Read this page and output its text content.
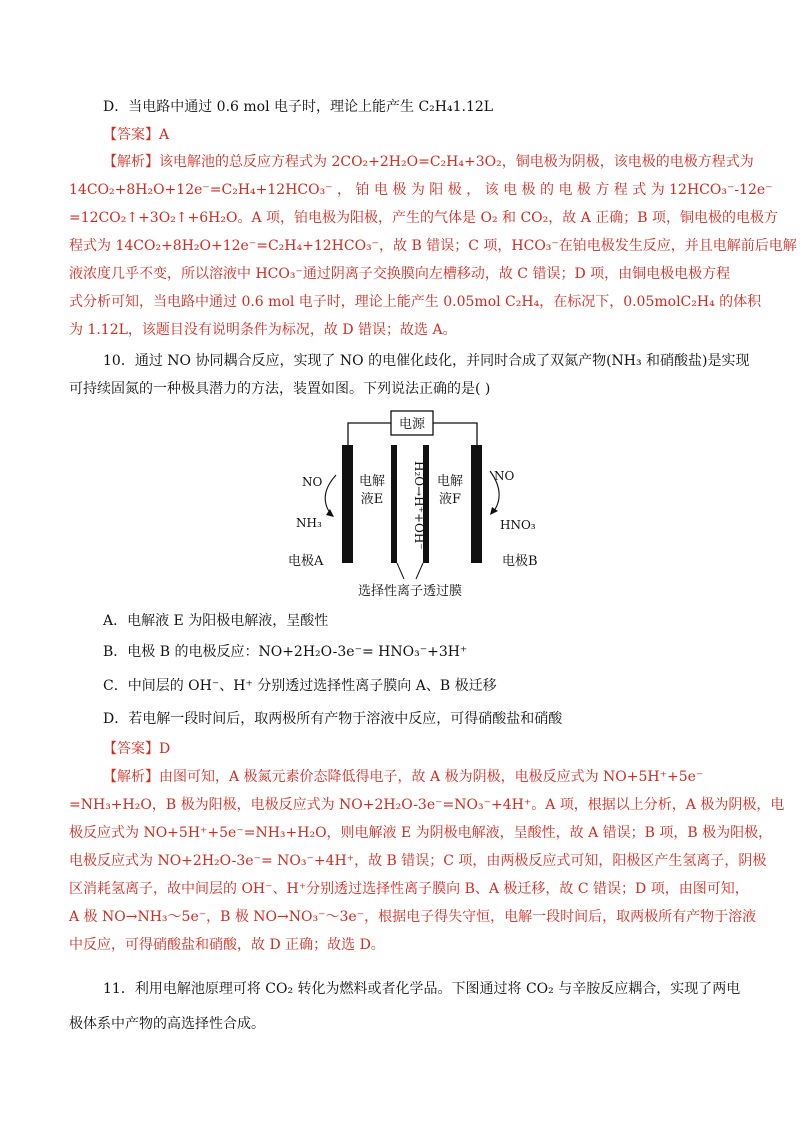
D．当电路中通过 0.6 mol 电子时，理论上能产生 C₂H₄1.12L
【答案】A
【解析】该电解池的总反应方程式为 2CO₂+2H₂O=C₂H₄+3O₂，铜电极为阴极，该电极的电极方程式为
14CO₂+8H₂O+12e⁻=C₂H₄+12HCO₃⁻ ， 铂 电 极 为 阳 极 ， 该 电 极 的 电 极 方 程 式 为 12HCO₃⁻-12e⁻
=12CO₂↑+3O₂↑+6H₂O。A 项，铂电极为阳极，产生的气体是 O₂ 和 CO₂，故 A 正确；B 项，铜电极的电极方
程式为 14CO₂+8H₂O+12e⁻=C₂H₄+12HCO₃⁻，故 B 错误；C 项，HCO₃⁻在铂电极发生反应，并且电解前后电解
液浓度几乎不变，所以溶液中 HCO₃⁻通过阴离子交换膜向左槽移动，故 C 错误；D 项，由铜电极电极方程
式分析可知，当电路中通过 0.6 mol 电子时，理论上能产生 0.05mol C₂H₄，在标况下，0.05molC₂H₄ 的体积
为 1.12L，该题目没有说明条件为标况，故 D 错误；故选 A。
10．通过 NO 协同耦合反应，实现了 NO 的电催化歧化，并同时合成了双氮产物(NH₃ 和硝酸盐)是实现
可持续固氮的一种极具潜力的方法，装置如图。下列说法正确的是( )
电源
电解
液E
电解
液F
H₂O→H⁺+OH⁻
NO
NH₃
NO
HNO₃
电极A	电极B
选择性离子透过膜
A．电解液 E 为阳极电解液，呈酸性
B．电极 B 的电极反应：NO+2H₂O-3e⁻= HNO₃⁻+3H⁺
C．中间层的 OH⁻、H⁺ 分别透过选择性离子膜向 A、B 极迁移
D．若电解一段时间后，取两极所有产物于溶液中反应，可得硝酸盐和硝酸
【答案】D
【解析】由图可知，A 极氮元素价态降低得电子，故 A 极为阴极，电极反应式为 NO+5H⁺+5e⁻
=NH₃+H₂O，B 极为阳极，电极反应式为 NO+2H₂O-3e⁻=NO₃⁻+4H⁺。A 项，根据以上分析，A 极为阴极，电
极反应式为 NO+5H⁺+5e⁻=NH₃+H₂O，则电解液 E 为阴极电解液，呈酸性，故 A 错误；B 项，B 极为阳极，
电极反应式为 NO+2H₂O-3e⁻= NO₃⁻+4H⁺，故 B 错误；C 项，由两极反应式可知，阳极区产生氢离子，阴极
区消耗氢离子，故中间层的 OH⁻、H⁺分别透过选择性离子膜向 B、A 极迁移，故 C 错误；D 项，由图可知，
A 极 NO→NH₃～5e⁻，B 极 NO→NO₃⁻～3e⁻，根据电子得失守恒，电解一段时间后，取两极所有产物于溶液
中反应，可得硝酸盐和硝酸，故 D 正确；故选 D。
11．利用电解池原理可将 CO₂ 转化为燃料或者化学品。下图通过将 CO₂ 与辛胺反应耦合，实现了两电
极体系中产物的高选择性合成。
